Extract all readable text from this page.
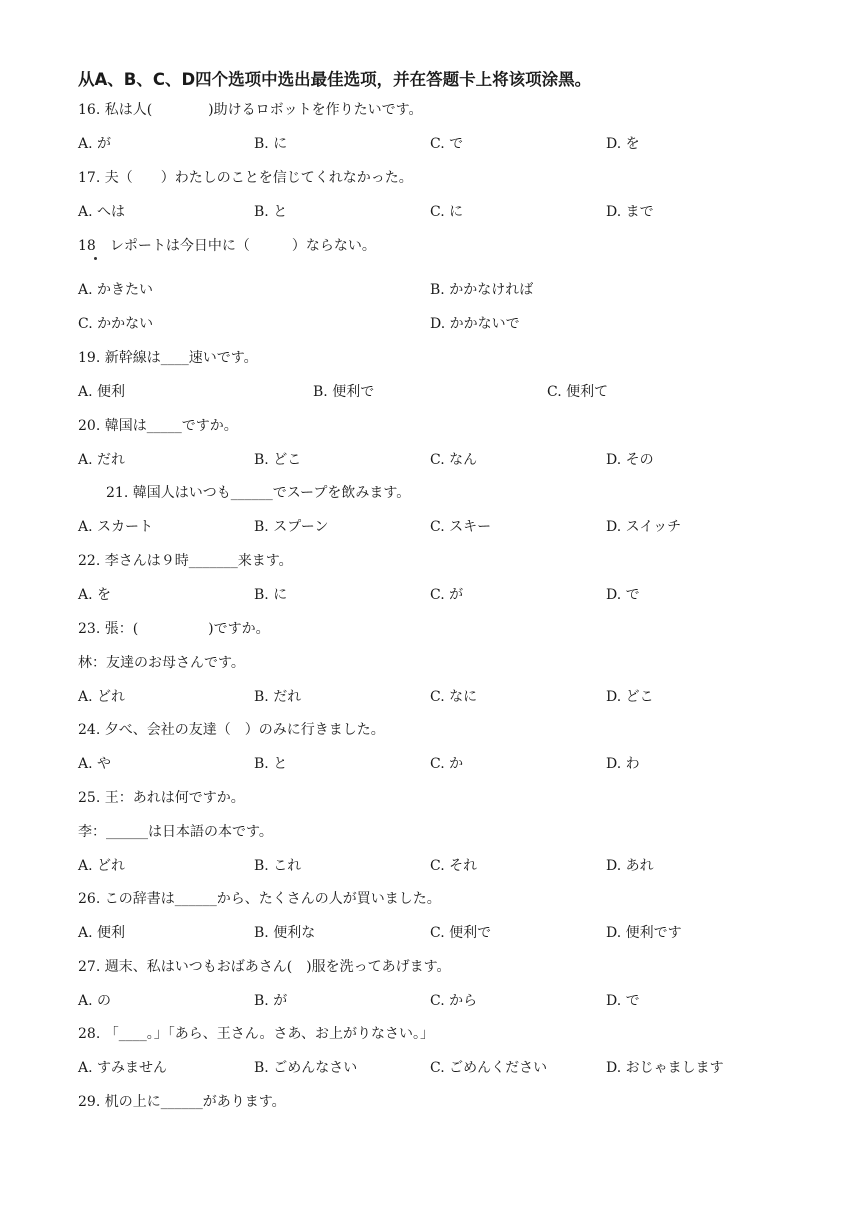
从A、B、C、D四个选项中选出最佳选项，并在答题卡上将该项涂黑。
16. 私は人(　　　　)助けるロボットを作りたいです。
A. が	B. に	C. で	D. を
17. 夫（　　）わたしのことを信じてくれなかった。
A. へは	B. と	C. に	D. まで
18　レポートは今日中に（　　　）ならない。
A. かきたい	B. かかなければ
C. かかない	D. かかないで
19. 新幹線は____速いです。
A. 便利	B. 便利で	C. 便利て
20. 韓国は_____ですか。
A. だれ	B. どこ	C. なん	D. その
21. 韓国人はいつも______でスープを飲みます。
A. スカート	B. スプーン	C. スキー	D. スイッチ
22. 李さんは９時_______来ます。
A. を	B. に	C. が	D. で
23. 張：(　　　　　)ですか。
林：友達のお母さんです。
A. どれ	B. だれ	C. なに	D. どこ
24. 夕べ、会社の友達（　）のみに行きました。
A. や	B. と	C. か	D. わ
25. 王：あれは何ですか。
李：______は日本語の本です。
A. どれ	B. これ	C. それ	D. あれ
26. この辞書は______から、たくさんの人が買いました。
A. 便利	B. 便利な	C. 便利で	D. 便利です
27. 週末、私はいつもおばあさん(　)服を洗ってあげます。
A. の	B. が	C. から	D. で
28. 「____。」「あら、王さん。さあ、お上がりなさい。」
A. すみません	B. ごめんなさい	C. ごめんください	D. おじゃまします
29. 机の上に______があります。
